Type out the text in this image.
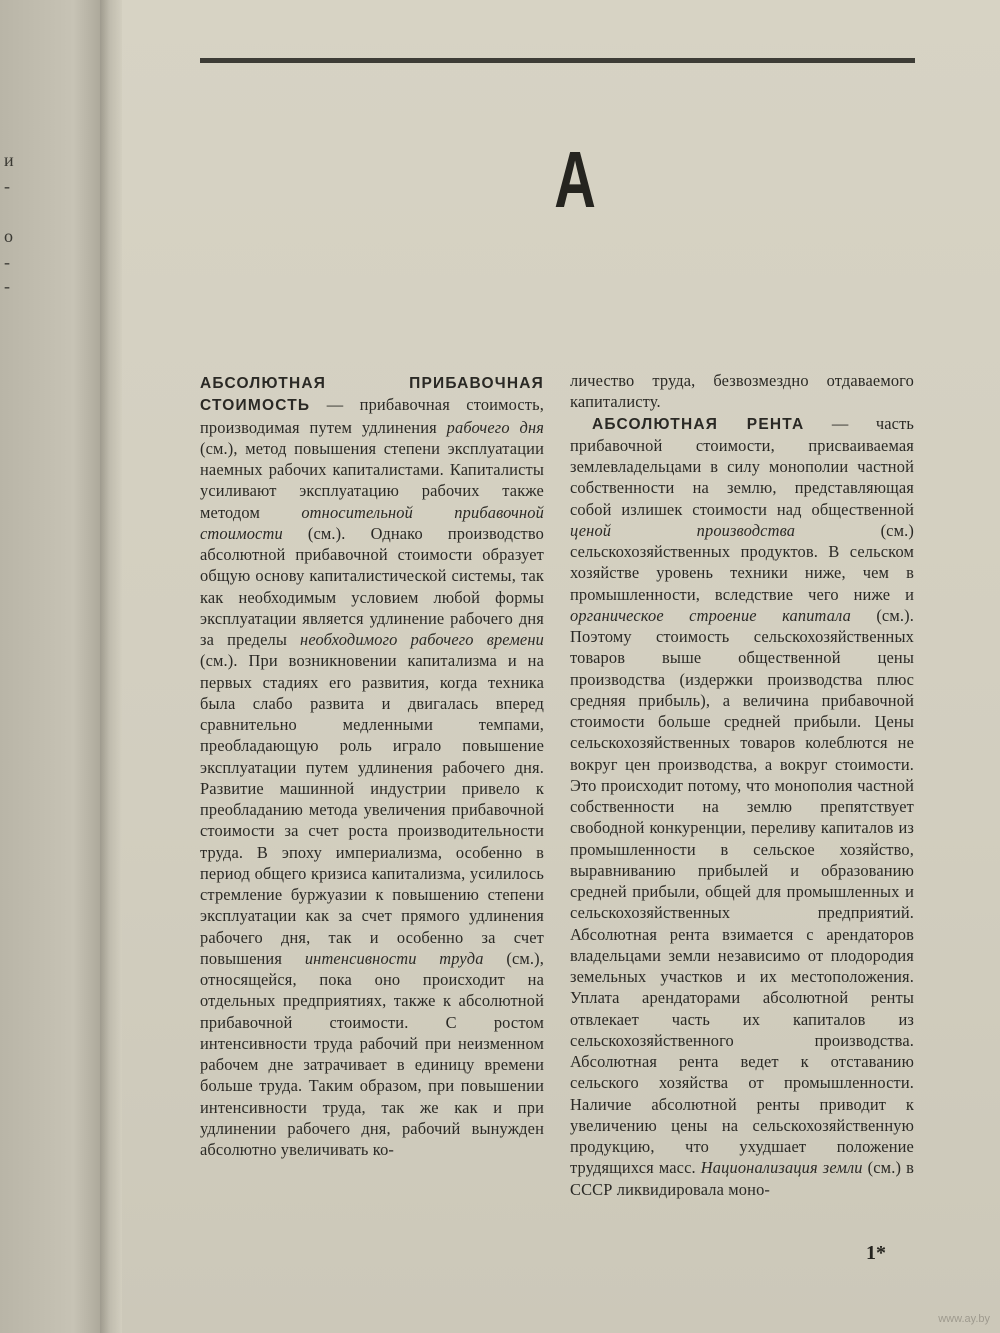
и
-
о
-
-
А

АБСОЛЮТНАЯ ПРИБАВОЧНАЯ СТОИМОСТЬ — прибавочная стоимость, производимая путем удлинения рабочего дня (см.), метод повышения степени эксплуатации наемных рабочих капиталистами. Капиталисты усиливают эксплуатацию рабочих также методом относительной прибавочной стоимости (см.). Однако производство абсолютной прибавочной стоимости образует общую основу капиталистической системы, так как необходимым условием любой формы эксплуатации является удлинение рабочего дня за пределы необходимого рабочего времени (см.). При возникновении капитализма и на первых стадиях его развития, когда техника была слабо развита и двигалась вперед сравнительно медленными темпами, преобладающую роль играло повышение эксплуатации путем удлинения рабочего дня. Развитие машинной индустрии привело к преобладанию метода увеличения прибавочной стоимости за счет роста производительности труда. В эпоху империализма, особенно в период общего кризиса капитализма, усилилось стремление буржуазии к повышению степени эксплуатации как за счет прямого удлинения рабочего дня, так и особенно за счет повышения интенсивности труда (см.), относящейся, пока оно происходит на отдельных предприятиях, также к абсолютной прибавочной стоимости. С ростом интенсивности труда рабочий при неизменном рабочем дне затрачивает в единицу времени больше труда. Таким образом, при повышении интенсивности труда, так же как и при удлинении рабочего дня, рабочий вынужден абсолютно увеличивать ко-

личество труда, безвозмездно отдаваемого капиталисту.

АБСОЛЮТНАЯ РЕНТА — часть прибавочной стоимости, присваиваемая землевладельцами в силу монополии частной собственности на землю, представляющая собой излишек стоимости над общественной ценой производства (см.) сельскохозяйственных продуктов. В сельском хозяйстве уровень техники ниже, чем в промышленности, вследствие чего ниже и органическое строение капитала (см.). Поэтому стоимость сельскохозяйственных товаров выше общественной цены производства (издержки производства плюс средняя прибыль), а величина прибавочной стоимости больше средней прибыли. Цены сельскохозяйственных товаров колеблются не вокруг цен производства, а вокруг стоимости. Это происходит потому, что монополия частной собственности на землю препятствует свободной конкуренции, переливу капиталов из промышленности в сельское хозяйство, выравниванию прибылей и образованию средней прибыли, общей для промышленных и сельскохозяйственных предприятий. Абсолютная рента взимается с арендаторов владельцами земли независимо от плодородия земельных участков и их местоположения. Уплата арендаторами абсолютной ренты отвлекает часть их капиталов из сельскохозяйственного производства. Абсолютная рента ведет к отставанию сельского хозяйства от промышленности. Наличие абсолютной ренты приводит к увеличению цены на сельскохозяйственную продукцию, что ухудшает положение трудящихся масс. Национализация земли (см.) в СССР ликвидировала моно-

1*
www.ay.by
